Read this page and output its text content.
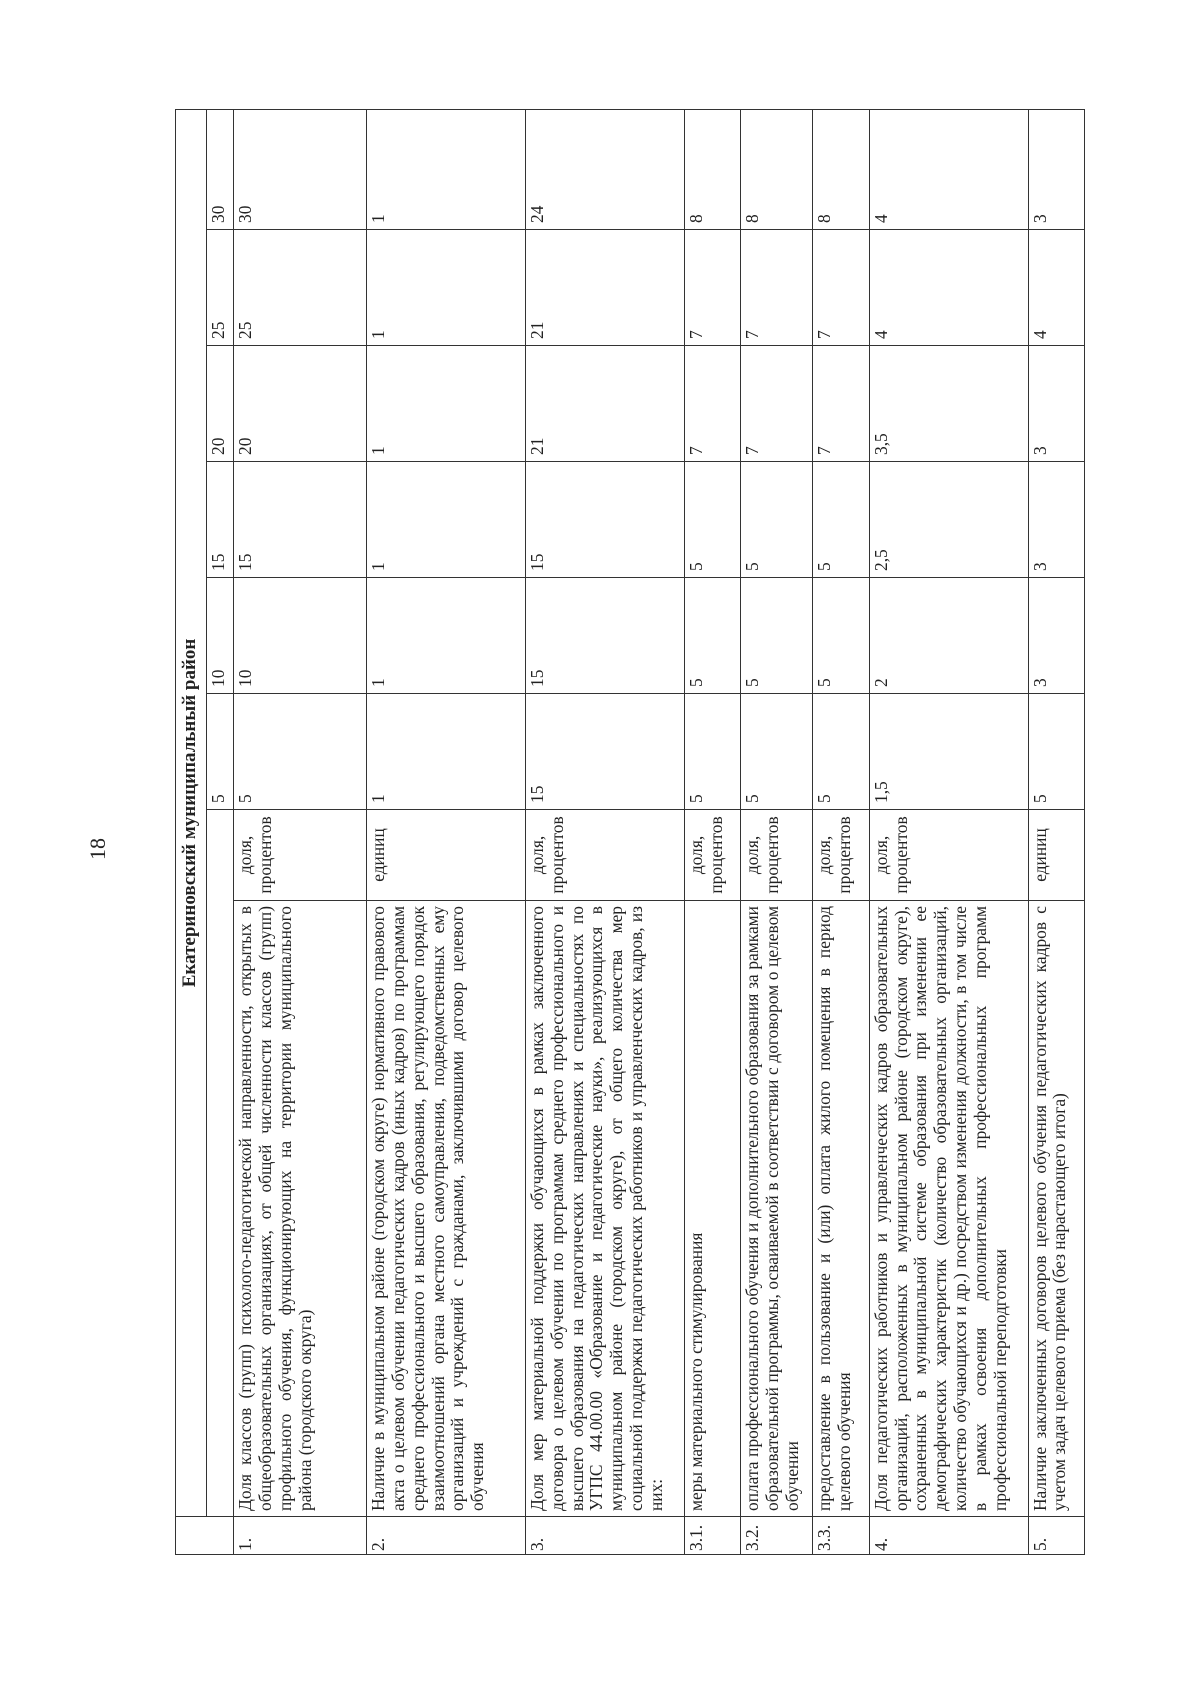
18
		Екатериновский муниципальный район							
			5	10	15	20	25	30
1.	Доля классов (групп) психолого-педагогической направленности, открытых в общеобразовательных организациях, от общей численности классов (групп) профильного обучения, функционирующих на территории муниципального района (городского округа)	доля, процентов	5	10	15	20	25	30
2.	Наличие в муниципальном районе (городском округе) нормативного правового акта о целевом обучении педагогических кадров (иных кадров) по программам среднего профессионального и высшего образования, регулирующего порядок взаимоотношений органа местного самоуправления, подведомственных ему организаций и учреждений с гражданами, заключившими договор целевого обучения	единиц	1	1	1	1	1	1
3.	Доля мер материальной поддержки обучающихся в рамках заключенного договора о целевом обучении по программам среднего профессионального и высшего образования на педагогических направлениях и специальностях по УГПС 44.00.00 «Образование и педагогические науки», реализующихся в муниципальном районе (городском округе), от общего количества мер социальной поддержки педагогических работников и управленческих кадров, из них:	доля, процентов	15	15	15	21	21	24
3.1.	меры материального стимулирования	доля, процентов	5	5	5	7	7	8
3.2.	оплата профессионального обучения и дополнительного образования за рамками образовательной программы, осваиваемой в соответствии с договором о целевом обучении	доля, процентов	5	5	5	7	7	8
3.3.	предоставление в пользование и (или) оплата жилого помещения в период целевого обучения	доля, процентов	5	5	5	7	7	8
4.	Доля педагогических работников и управленческих кадров образовательных организаций, расположенных в муниципальном районе (городском округе), сохраненных в муниципальной системе образования при изменении ее демографических характеристик (количество образовательных организаций, количество обучающихся и др.) посредством изменения должности, в том числе в рамках освоения дополнительных профессиональных программ профессиональной переподготовки	доля, процентов	1,5	2	2,5	3,5	4	4
5.	Наличие заключенных договоров целевого обучения педагогических кадров с учетом задач целевого приема (без нарастающего итога)	единиц	5	3	3	3	4	3
